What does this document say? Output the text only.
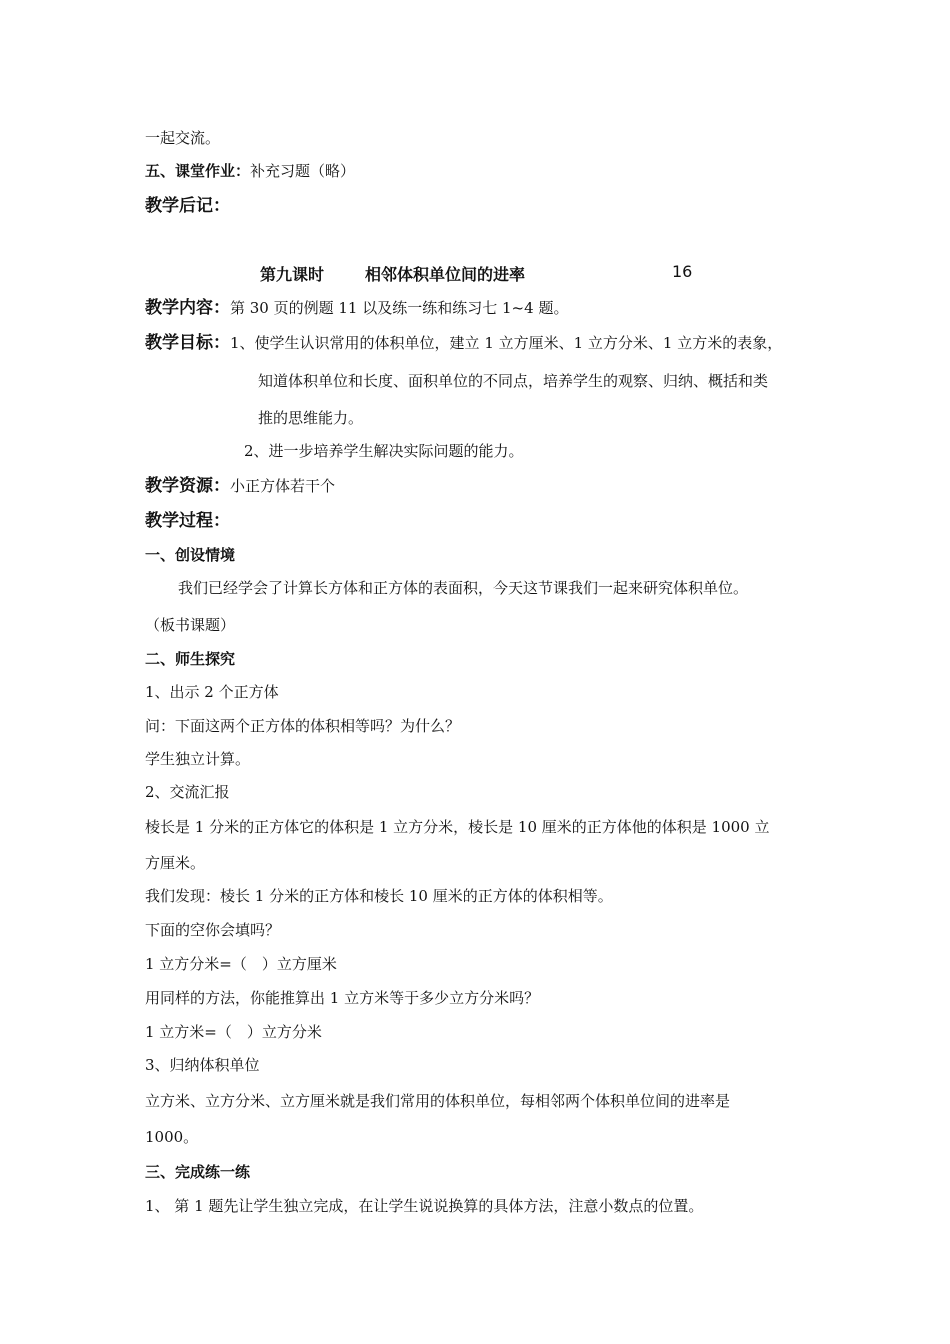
一起交流。
五、课堂作业：补充习题（略）
教学后记：
第九课时	相邻体积单位间的进率	16
教学内容：第 30 页的例题 11 以及练一练和练习七 1~4 题。
教学目标：1、使学生认识常用的体积单位，建立 1 立方厘米、1 立方分米、1 立方米的表象，
知道体积单位和长度、面积单位的不同点，培养学生的观察、归纳、概括和类
推的思维能力。
2、进一步培养学生解决实际问题的能力。
教学资源：小正方体若干个
教学过程：
一、创设情境
我们已经学会了计算长方体和正方体的表面积，今天这节课我们一起来研究体积单位。
（板书课题）
二、师生探究
1、出示 2 个正方体
问：下面这两个正方体的体积相等吗？为什么？
学生独立计算。
2、交流汇报
棱长是 1 分米的正方体它的体积是 1 立方分米，棱长是 10 厘米的正方体他的体积是 1000 立
方厘米。
我们发现：棱长 1 分米的正方体和棱长 10 厘米的正方体的体积相等。
下面的空你会填吗？
1 立方分米=（　）立方厘米
用同样的方法，你能推算出 1 立方米等于多少立方分米吗？
1 立方米=（　）立方分米
3、归纳体积单位
立方米、立方分米、立方厘米就是我们常用的体积单位，每相邻两个体积单位间的进率是
1000。
三、完成练一练
1、 第 1 题先让学生独立完成，在让学生说说换算的具体方法，注意小数点的位置。
